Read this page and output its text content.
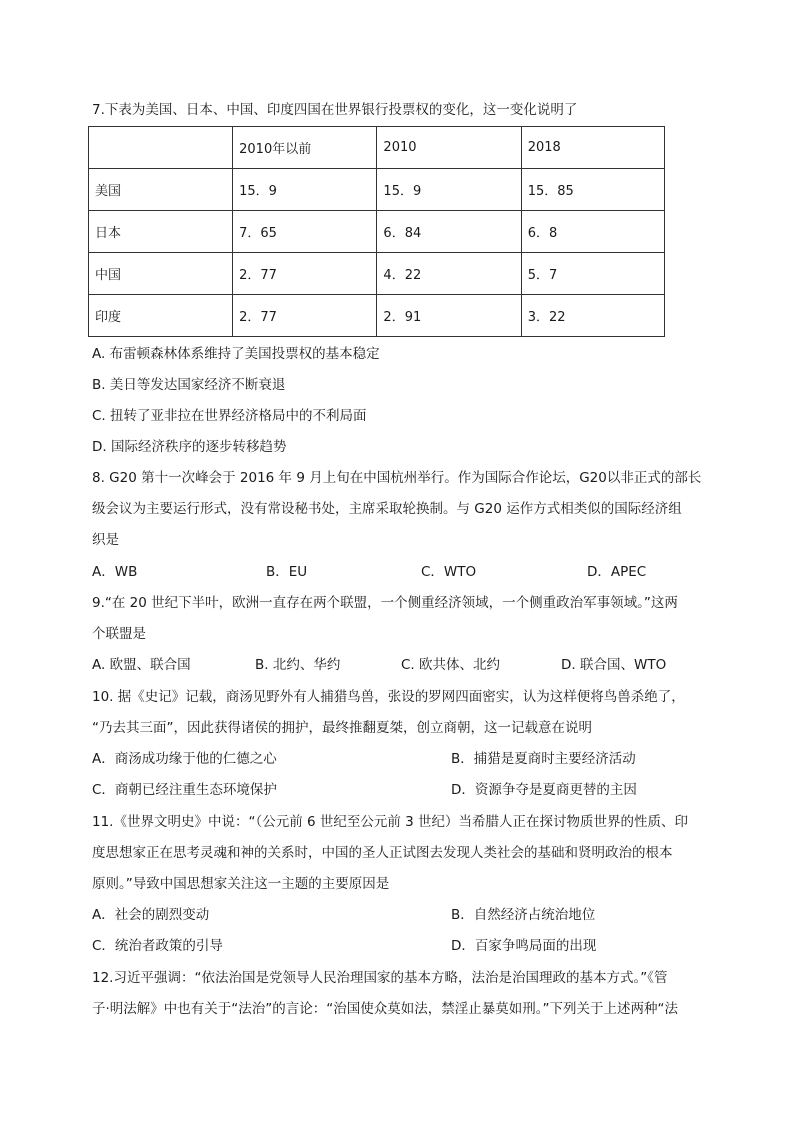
7.下表为美国、日本、中国、印度四国在世界银行投票权的变化，这一变化说明了
	2010年以前	2010	2018
美国	15．9	15．9	15．85
日本	7．65	6．84	6．8
中国	2．77	4．22	5．7
印度	2．77	2．91	3．22
A. 布雷顿森林体系维持了美国投票权的基本稳定
B. 美日等发达国家经济不断衰退
C. 扭转了亚非拉在世界经济格局中的不利局面
D. 国际经济秩序的逐步转移趋势
8. G20 第十一次峰会于 2016 年 9 月上旬在中国杭州举行。作为国际合作论坛，G20以非正式的部长
级会议为主要运行形式，没有常设秘书处，主席采取轮换制。与 G20 运作方式相类似的国际经济组
织是
A．WB	B．EU	C．WTO	D．APEC
9.“在 20 世纪下半叶，欧洲一直存在两个联盟，一个侧重经济领域，一个侧重政治军事领域。”这两
个联盟是
A. 欧盟、联合国	B. 北约、华约	C. 欧共体、北约	D. 联合国、WTO
10. 据《史记》记载，商汤见野外有人捕猎鸟兽，张设的罗网四面密实，认为这样便将鸟兽杀绝了，
“乃去其三面”，因此获得诸侯的拥护，最终推翻夏桀，创立商朝，这一记载意在说明
A．商汤成功缘于他的仁德之心	B．捕猎是夏商时主要经济活动
C．商朝已经注重生态环境保护	D．资源争夺是夏商更替的主因
11.《世界文明史》中说：“（公元前 6 世纪至公元前 3 世纪）当希腊人正在探讨物质世界的性质、印
度思想家正在思考灵魂和神的关系时，中国的圣人正试图去发现人类社会的基础和贤明政治的根本
原则。”导致中国思想家关注这一主题的主要原因是
A．社会的剧烈变动	B．自然经济占统治地位
C．统治者政策的引导	D．百家争鸣局面的出现
12.习近平强调：“依法治国是党领导人民治理国家的基本方略，法治是治国理政的基本方式。”《管
子·明法解》中也有关于“法治”的言论：“治国使众莫如法，禁淫止暴莫如刑。”下列关于上述两种“法
